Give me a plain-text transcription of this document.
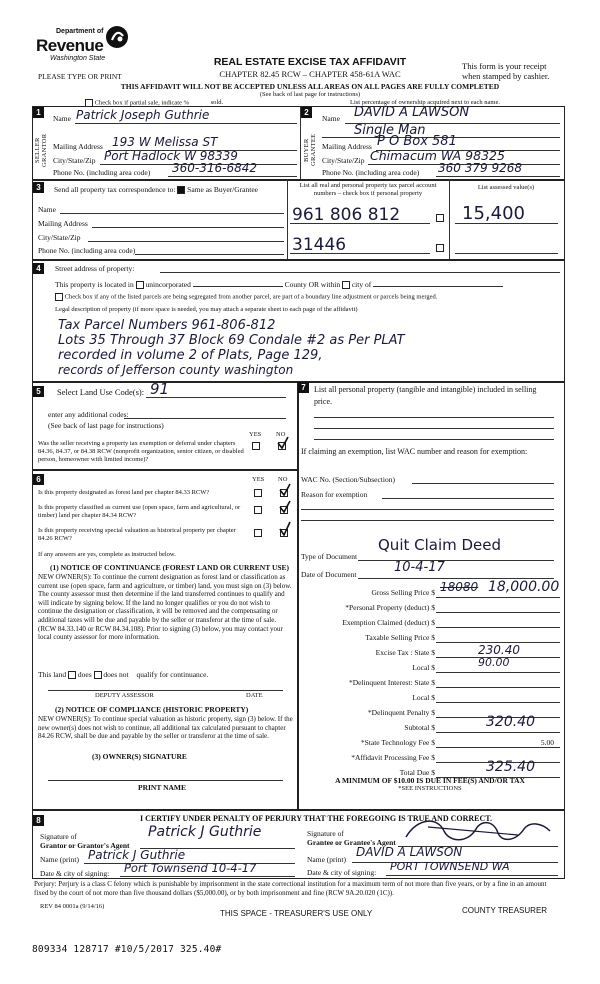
Department of
Revenue
Washington State
PLEASE TYPE OR PRINT
REAL ESTATE EXCISE TAX AFFIDAVIT
CHAPTER 82.45 RCW – CHAPTER 458-61A WAC
This form is your receipt
when stamped by cashier.
THIS AFFIDAVIT WILL NOT BE ACCEPTED UNLESS ALL AREAS ON ALL PAGES ARE FULLY COMPLETED
(See back of last page for instructions)
Check box if partial sale, indicate %	sold.	List percentage of ownership acquired next to each name.
1	2
SELLER GRANTOR	BUYER GRANTEE
Name Patrick Joseph Guthrie
Mailing Address 193 W Melissa ST
City/State/Zip Port Hadlock W 98339
Phone No. (including area code) 360-316-6842
Name DAVID A LAWSON
Single Man
Mailing Address P O Box 581
City/State/Zip Chimacum WA 98325
Phone No. (including area code) 360 379 9268
3	Send all property tax correspondence to: Same as Buyer/Grantee	List all real and personal property tax parcel account numbers – check box if personal property
List assessed value(s)
Name
Mailing Address
City/State/Zip
Phone No. (including area code)
961 806 812
31446
15,400
4	Street address of property:
This property is located in unincorporated	County OR within city of
Check box if any of the listed parcels are being segregated from another parcel, are part of a boundary line adjustment or parcels being merged.
Legal description of property (if more space is needed, you may attach a separate sheet to each page of the affidavit)
Tax Parcel Numbers 961-806-812
Lots 35 Through 37 Block 69 Condale #2 as Per PLAT
recorded in volume 2 of Plats, Page 129,
records of Jefferson county washington
5	Select Land Use Code(s): 91
enter any additional codes:
(See back of last page for instructions)
YES NO
Was the seller receiving a property tax exemption or deferral under chapters 84.36, 84.37, or 84.38 RCW (nonprofit organization, senior citizen, or disabled person, homeowner with limited income)?
6	YES NO
Is this property designated as forest land per chapter 84.33 RCW?
Is this property classified as current use (open space, farm and agricultural, or timber) land per chapter 84.34 RCW?
Is this property receiving special valuation as historical property per chapter 84.26 RCW?
If any answers are yes, complete as instructed below.
(1) NOTICE OF CONTINUANCE (FOREST LAND OR CURRENT USE)
NEW OWNER(S): To continue the current designation as forest land or classification as current use (open space, farm and agriculture, or timber) land, you must sign on (3) below. The county assessor must then determine if the land transferred continues to qualify and will indicate by signing below. If the land no longer qualifies or you do not wish to continue the designation or classification, it will be removed and the compensating or additional taxes will be due and payable by the seller or transferor at the time of sale. (RCW 84.33.140 or RCW 84.34.108). Prior to signing (3) below, you may contact your local county assessor for more information.
This land does does not qualify for continuance.
DEPUTY ASSESSOR	DATE
(2) NOTICE OF COMPLIANCE (HISTORIC PROPERTY)
NEW OWNER(S): To continue special valuation as historic property, sign (3) below. If the new owner(s) does not wish to continue, all additional tax calculated pursuant to chapter 84.26 RCW, shall be due and payable by the seller or transferor at the time of sale.
(3) OWNER(S) SIGNATURE
PRINT NAME
7	List all personal property (tangible and intangible) included in selling price.
If claiming an exemption, list WAC number and reason for exemption:
WAC No. (Section/Subsection)
Reason for exemption
Type of Document
Quit Claim Deed
Date of Document	10-4-17
Gross Selling Price $ 18080 18,000.00
*Personal Property (deduct) $
Exemption Claimed (deduct) $
Taxable Selling Price $
Excise Tax : State $	230.40
Local $	90.00
*Delinquent Interest: State $
Local $
*Delinquent Penalty $
Subtotal $	320.40
*State Technology Fee $	5.00
*Affidavit Processing Fee $
Total Due $	325.40
A MINIMUM OF $10.00 IS DUE IN FEE(S) AND/OR TAX
*SEE INSTRUCTIONS
8	I CERTIFY UNDER PENALTY OF PERJURY THAT THE FOREGOING IS TRUE AND CORRECT.
Signature of
Grantor or Grantor's Agent
Patrick J Guthrie
Name (print) Patrick J Guthrie
Date & city of signing: Port Townsend 10-4-17
Signature of
Grantee or Grantee's Agent
Name (print)
DAVID A LAWSON
Date & city of signing: PORT TOWNSEND WA
Perjury: Perjury is a class C felony which is punishable by imprisonment in the state correctional institution for a maximum term of not more than five years, or by a fine in an amount fixed by the court of not more than five thousand dollars ($5,000.00), or by both imprisonment and fine (RCW 9A.20.020 (1C)).
REV 84 0001a (9/14/16)
THIS SPACE - TREASURER'S USE ONLY	COUNTY TREASURER
809334 128717 #10/5/2017 325.40#
